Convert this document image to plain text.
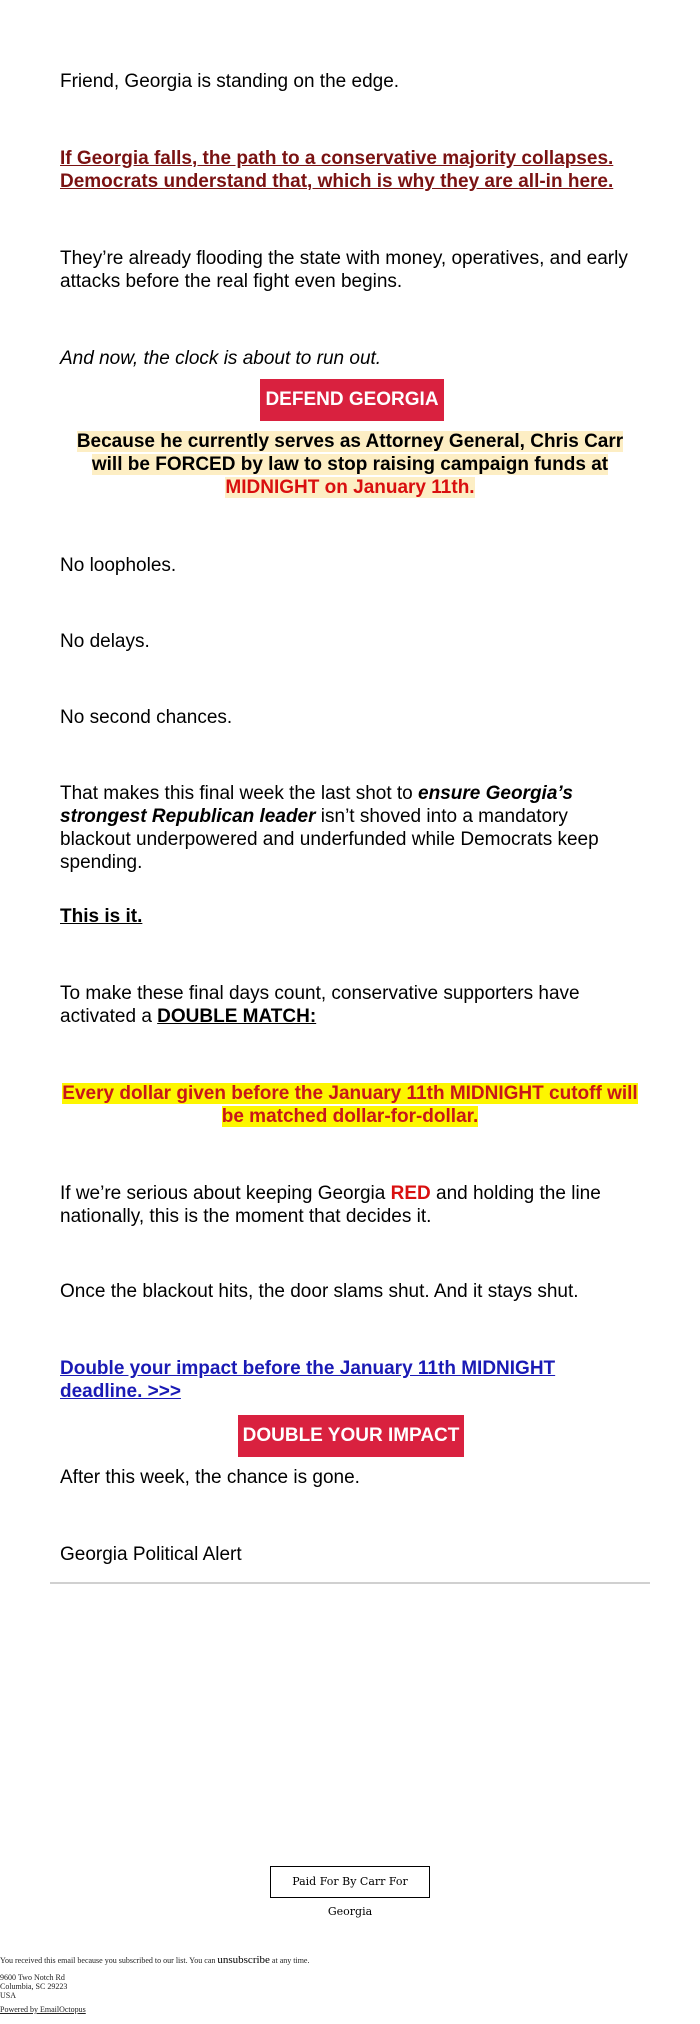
Friend, Georgia is standing on the edge.

If Georgia falls, the path to a conservative majority collapses. Democrats understand that, which is why they are all-in here.

They’re already flooding the state with money, operatives, and early attacks before the real fight even begins.

And now, the clock is about to run out.

DEFEND GEORGIA

Because he currently serves as Attorney General, Chris Carr will be FORCED by law to stop raising campaign funds at MIDNIGHT on January 11th.

No loopholes.

No delays.

No second chances.

That makes this final week the last shot to ensure Georgia’s strongest Republican leader isn’t shoved into a mandatory blackout underpowered and underfunded while Democrats keep spending.

This is it.

To make these final days count, conservative supporters have activated a DOUBLE MATCH:

Every dollar given before the January 11th MIDNIGHT cutoff will be matched dollar-for-dollar.

If we’re serious about keeping Georgia RED and holding the line nationally, this is the moment that decides it.

Once the blackout hits, the door slams shut. And it stays shut.

Double your impact before the January 11th MIDNIGHT deadline. >>>

DOUBLE YOUR IMPACT

After this week, the chance is gone.

Georgia Political Alert

Paid For By Carr For Georgia
You received this email because you subscribed to our list. You can unsubscribe at any time.
9600 Two Notch Rd
Columbia, SC 29223
USA
Powered by EmailOctopus
